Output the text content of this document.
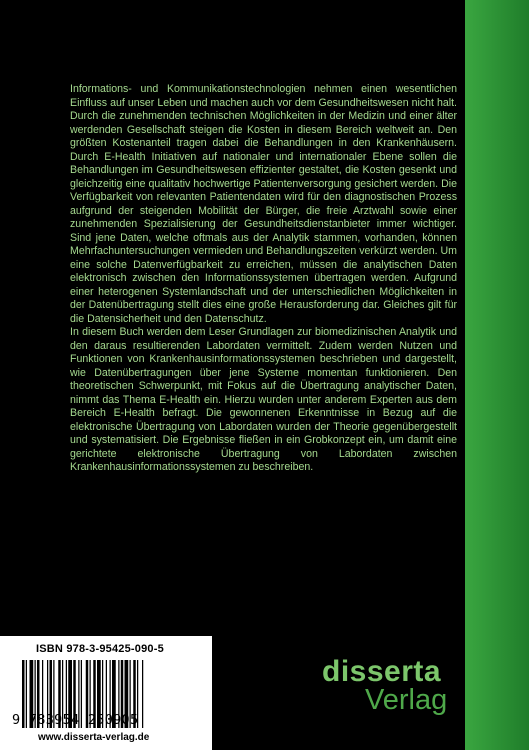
Informations- und Kommunikationstechnologien nehmen einen wesentlichen Einfluss auf unser Leben und machen auch vor dem Gesundheitswesen nicht halt. Durch die zunehmenden technischen Möglichkeiten in der Medizin und einer älter werdenden Gesellschaft steigen die Kosten in diesem Bereich weltweit an. Den größten Kostenanteil tragen dabei die Behandlungen in den Krankenhäusern. Durch E-Health Initiativen auf nationaler und internationaler Ebene sollen die Behandlungen im Gesundheitswesen effizienter gestaltet, die Kosten gesenkt und gleichzeitig eine qualitativ hochwertige Patientenversorgung gesichert werden. Die Verfügbarkeit von relevanten Patientendaten wird für den diagnostischen Prozess aufgrund der steigenden Mobilität der Bürger, die freie Arztwahl sowie einer zunehmenden Spezialisierung der Gesundheitsdienstanbieter immer wichtiger. Sind jene Daten, welche oftmals aus der Analytik stammen, vorhanden, können Mehrfachuntersuchungen vermieden und Behandlungszeiten verkürzt werden. Um eine solche Datenverfügbarkeit zu erreichen, müssen die analytischen Daten elektronisch zwischen den Informationssystemen übertragen werden. Aufgrund einer heterogenen Systemlandschaft und der unterschiedlichen Möglichkeiten in der Datenübertragung stellt dies eine große Herausforderung dar. Gleiches gilt für die Datensicherheit und den Datenschutz.

In diesem Buch werden dem Leser Grundlagen zur biomedizinischen Analytik und den daraus resultierenden Labordaten vermittelt. Zudem werden Nutzen und Funktionen von Krankenhausinformationssystemen beschrieben und dargestellt, wie Datenübertragungen über jene Systeme momentan funktionieren. Den theoretischen Schwerpunkt, mit Fokus auf die Übertragung analytischer Daten, nimmt das Thema E-Health ein. Hierzu wurden unter anderem Experten aus dem Bereich E-Health befragt. Die gewonnenen Erkenntnisse in Bezug auf die elektronische Übertragung von Labordaten wurden der Theorie gegenübergestellt und systematisiert. Die Ergebnisse fließen in ein Grobkonzept ein, um damit eine gerichtete elektronische Übertragung von Labordaten zwischen Krankenhausinformationssystemen zu beschreiben.

ISBN 978-3-95425-090-5
9 783954 250905
www.disserta-verlag.de
disserta
Verlag
